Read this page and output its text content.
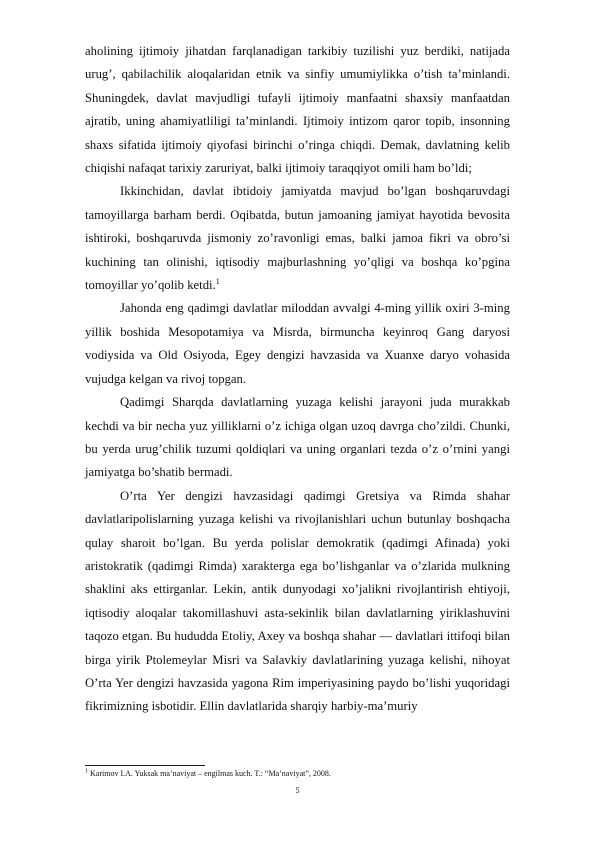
aholining ijtimoiy jihatdan farqlanadigan tarkibiy tuzilishi yuz berdiki, natijada urug’, qabilachilik aloqalaridan etnik va sinfiy umumiylikka o’tish ta’minlandi. Shuningdek, davlat mavjudligi tufayli ijtimoiy manfaatni shaxsiy manfaatdan ajratib, uning ahamiyatliligi ta’minlandi. Ijtimoiy intizom qaror topib, insonning shaxs sifatida ijtimoiy qiyofasi birinchi o’ringa chiqdi. Demak, davlatning kelib chiqishi nafaqat tarixiy zaruriyat, balki ijtimoiy taraqqiyot omili ham bo’ldi;

Ikkinchidan, davlat ibtidoiy jamiyatda mavjud bo’lgan boshqaruvdagi tamoyillarga barham berdi. Oqibatda, butun jamoaning jamiyat hayotida bevosita ishtiroki, boshqaruvda jismoniy zo’ravonligi emas, balki jamoa fikri va obro’si kuchining tan olinishi, iqtisodiy majburlashning yo’qligi va boshqa ko’pgina tomoyillar yo’qolib ketdi.$^1$

Jahonda eng qadimgi davlatlar miloddan avvalgi 4-ming yillik oxiri 3-ming yillik boshida Mesopotamiya va Misrda, birmuncha keyinroq Gang daryosi vodiysida va Old Osiyoda, Egey dengizi havzasida va Xuanxe daryo vohasida vujudga kelgan va rivoj topgan.

Qadimgi Sharqda davlatlarning yuzaga kelishi jarayoni juda murakkab kechdi va bir necha yuz yilliklarni o’z ichiga olgan uzoq davrga cho’zildi. Chunki, bu yerda urug’chilik tuzumi qoldiqlari va uning organlari tezda o’z o’rnini yangi jamiyatga bo’shatib bermadi.

O’rta Yer dengizi havzasidagi qadimgi Gretsiya va Rimda shahar davlatlaripolislarning yuzaga kelishi va rivojlanishlari uchun butunlay boshqacha qulay sharoit bo’lgan. Bu yerda polislar demokratik (qadimgi Afinada) yoki aristokratik (qadimgi Rimda) xarakterga ega bo’lishganlar va o’zlarida mulkning shaklini aks ettirganlar. Lekin, antik dunyodagi xo’jalikni rivojlantirish ehtiyoji, iqtisodiy aloqalar takomillashuvi asta-sekinlik bilan davlatlarning yiriklashuvini taqozo etgan. Bu hududda Etoliy, Axey va boshqa shahar — davlatlari ittifoqi bilan birga yirik Ptolemeylar Misri va Salavkiy davlatlarining yuzaga kelishi, nihoyat O’rta Yer dengizi havzasida yagona Rim imperiyasining paydo bo’lishi yuqoridagi fikrimizning isbotidir. Ellin davlatlarida sharqiy harbiy-ma’muriy

$^1$ Karimov I.A. Yuksak ma’naviyat – engilmas kuch. T.: “Ma’naviyat”, 2008.
5
